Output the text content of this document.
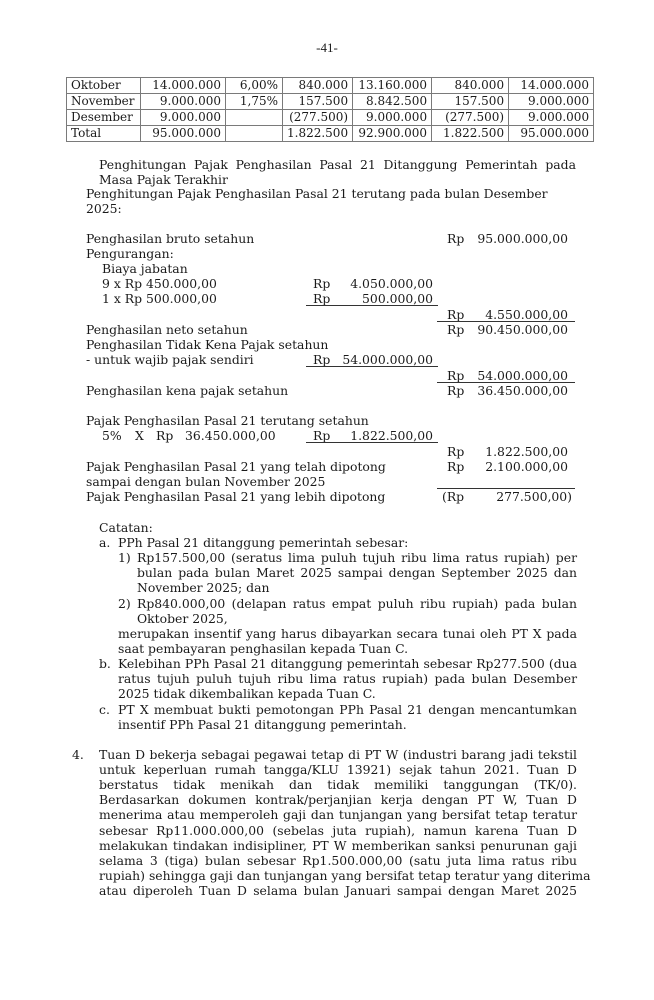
-41-
Oktober	14.000.000	6,00%	840.000	13.160.000	840.000	14.000.000
November	9.000.000	1,75%	157.500	8.842.500	157.500	9.000.000
Desember	9.000.000		(277.500)	9.000.000	(277.500)	9.000.000
Total	95.000.000		1.822.500	92.900.000	1.822.500	95.000.000
Penghitungan Pajak Penghasilan Pasal 21 Ditanggung Pemerintah pada
Masa Pajak Terakhir
Penghitungan Pajak Penghasilan Pasal 21 terutang pada bulan Desember
2025:
Penghasilan bruto setahun	Rp	95.000.000,00
Pengurangan:
Biaya jabatan
9 x Rp 450.000,00	Rp	4.050.000,00
1 x Rp 500.000,00	Rp	500.000,00
Rp	4.550.000,00
Penghasilan neto setahun	Rp	90.450.000,00
Penghasilan Tidak Kena Pajak setahun
- untuk wajib pajak sendiri	Rp 54.000.000,00
Rp	54.000.000,00
Penghasilan kena pajak setahun	Rp	36.450.000,00
Pajak Penghasilan Pasal 21 terutang setahun
5% X Rp 36.450.000,00	Rp	1.822.500,00
Rp	1.822.500,00
Pajak Penghasilan Pasal 21 yang telah dipotong	Rp	2.100.000,00
sampai dengan bulan November 2025
Pajak Penghasilan Pasal 21 yang lebih dipotong	(Rp	277.500,00)
Catatan:
a. PPh Pasal 21 ditanggung pemerintah sebesar:
1) Rp157.500,00 (seratus lima puluh tujuh ribu lima ratus rupiah) per
bulan pada bulan Maret 2025 sampai dengan September 2025 dan
November 2025; dan
2) Rp840.000,00 (delapan ratus empat puluh ribu rupiah) pada bulan
Oktober 2025,
merupakan insentif yang harus dibayarkan secara tunai oleh PT X pada
saat pembayaran penghasilan kepada Tuan C.
b. Kelebihan PPh Pasal 21 ditanggung pemerintah sebesar Rp277.500 (dua
ratus tujuh puluh tujuh ribu lima ratus rupiah) pada bulan Desember
2025 tidak dikembalikan kepada Tuan C.
c. PT X membuat bukti pemotongan PPh Pasal 21 dengan mencantumkan
insentif PPh Pasal 21 ditanggung pemerintah.
4. Tuan D bekerja sebagai pegawai tetap di PT W (industri barang jadi tekstil
untuk keperluan rumah tangga/KLU 13921) sejak tahun 2021. Tuan D
berstatus tidak menikah dan tidak memiliki tanggungan (TK/0).
Berdasarkan dokumen kontrak/perjanjian kerja dengan PT W, Tuan D
menerima atau memperoleh gaji dan tunjangan yang bersifat tetap teratur
sebesar Rp11.000.000,00 (sebelas juta rupiah), namun karena Tuan D
melakukan tindakan indisipliner, PT W memberikan sanksi penurunan gaji
selama 3 (tiga) bulan sebesar Rp1.500.000,00 (satu juta lima ratus ribu
rupiah) sehingga gaji dan tunjangan yang bersifat tetap teratur yang diterima
atau diperoleh Tuan D selama bulan Januari sampai dengan Maret 2025
